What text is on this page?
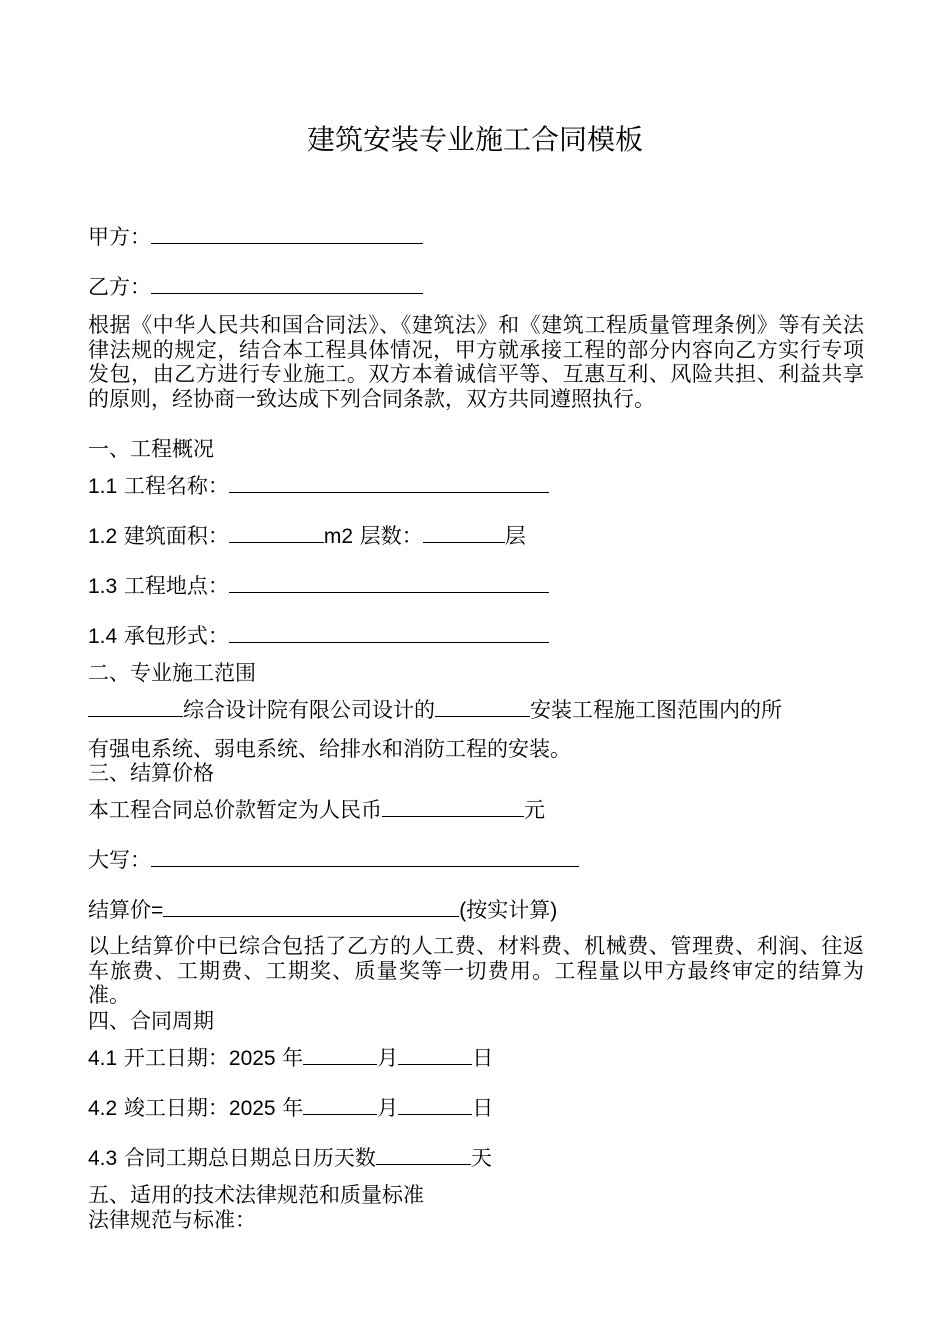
建筑安装专业施工合同模板
甲方：
乙方：
根据《中华人民共和国合同法》、《建筑法》和《建筑工程质量管理条例》等有关法律法规的规定，结合本工程具体情况，甲方就承接工程的部分内容向乙方实行专项发包，由乙方进行专业施工。双方本着诚信平等、互惠互利、风险共担、利益共享的原则，经协商一致达成下列合同条款，双方共同遵照执行。
一、工程概况
1.1 工程名称：
1.2 建筑面积：	m2 层数：	层
1.3 工程地点：
1.4 承包形式：
二、专业施工范围
综合设计院有限公司设计的	安装工程施工图范围内的所
有强电系统、弱电系统、给排水和消防工程的安装。
三、结算价格
本工程合同总价款暂定为人民币	元
大写：
结算价=	(按实计算)
以上结算价中已综合包括了乙方的人工费、材料费、机械费、管理费、利润、往返车旅费、工期费、工期奖、质量奖等一切费用。工程量以甲方最终审定的结算为准。
四、合同周期
4.1 开工日期：2025 年	月	日
4.2 竣工日期：2025 年	月	日
4.3 合同工期总日期总日历天数	天
五、适用的技术法律规范和质量标准
法律规范与标准：
